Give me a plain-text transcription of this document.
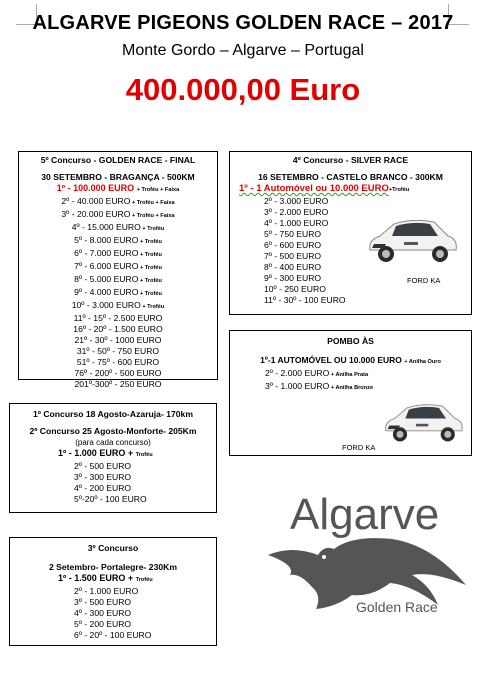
ALGARVE PIGEONS GOLDEN RACE – 2017
Monte Gordo – Algarve – Portugal
400.000,00 Euro
5º Concurso - GOLDEN RACE - FINAL
30 SETEMBRO - BRAGANÇA - 500KM
1º - 100.000 EURO + Troféu + Faixa
2º - 40.000 EURO + Troféu + Faixa
3º - 20.000 EURO + Troféu + Faixa
4º - 15.000 EURO + Troféu
5º - 8.000 EURO + Troféu
6º - 7.000 EURO + Troféu
7º - 6.000 EURO + Troféu
8º - 5.000 EURO + Troféu
9º - 4.000 EURO + Troféu
10º - 3.000 EURO + Troféu
11º - 15º - 2.500 EURO
16º - 20º - 1.500 EURO
21º - 30º - 1000 EURO
31º - 50º - 750 EURO
51º - 75º - 600 EURO
76º - 200º - 500 EURO
201º-300º - 250 EURO
4º Concurso - SILVER RACE
16 SETEMBRO - CASTELO BRANCO - 300KM
1º - 1 Automóvel ou 10.000 EURO+Troféu
2º - 3.000 EURO
3º - 2.000 EURO
4º - 1.000 EURO
5º - 750 EURO
6º - 600 EURO
7º - 500 EURO
8º - 400 EURO
9º - 300 EURO
10º - 250 EURO
11º - 30º - 100 EURO
FORD KA
POMBO ÀS
1º-1 AUTOMÓVEL OU 10.000 EURO + Anilha Ouro
2º - 2.000 EURO + Anilha Prata
3º - 1.000 EURO + Anilha Bronze
FORD KA
1º Concurso 18 Agosto-Azaruja- 170km
2º Concurso 25 Agosto-Monforte- 205Km
(para cada concurso)
1º - 1.000 EURO + Troféu
2º - 500 EURO
3º - 300 EURO
4º - 200 EURO
5º-20º - 100 EURO
3º Concurso
2 Setembro- Portalegre- 230Km
1º - 1.500 EURO + Troféu
2º - 1.000 EURO
3º - 500 EURO
4º - 300 EURO
5º - 200 EURO
6º - 20º - 100 EURO
Algarve
Golden Race
